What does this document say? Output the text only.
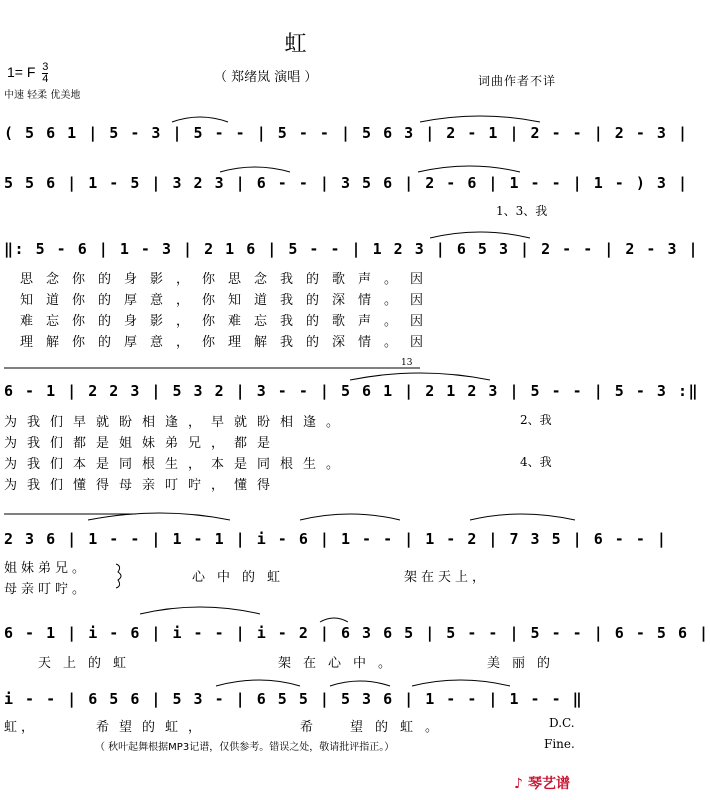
虹
1= F $\frac{3}{4}$	（ 郑绪岚 演唱 ）
中速 轻柔 优美地
词曲作者不详
( 5 6 1 | 5 - 3 | 5 - - | 5 - - | 5 6 3 | 2 - 1 | 2 - - | 2 - 3 |
5 5 6 | 1 - 5 | 3 2 3 | 6 - - | 3 5 6 | 2 - 6 | 1 - - | 1 - ) 3 |
1、3、我
‖: 5 - 6 | 1 - 3 | 2 1 6 | 5 - - | 1 2 3 | 6 5 3 | 2 - - | 2 - 3 |
思念你的身影，你思念我的歌声。因
知道你的厚意，你知道我的深情。因
难忘你的身影，你难忘我的歌声。因
理解你的厚意，你理解我的深情。因
13
6 - 1 | 2 2 3 | 5 3 2 | 3 - - | 5 6 1 | 2 1 2 3 | 5 - - | 5 - 3 :‖
为我们早就盼相逢，早就盼相逢。	2、我
为我们都是姐妹弟兄，都是
为我们本是同根生，本是同根生。	4、我
为我们懂得母亲叮咛，懂得
2 3 6 | 1 - - | 1 - 1 | i - 6 | 1 - - | 1 - 2 | 7 3 5 | 6 - - |
姐妹弟兄。
母亲叮咛。
心中的虹	架在天上，
6 - 1 | i - 6 | i - - | i - 2 | 6 3 6 5 | 5 - - | 5 - - | 6 - 5 6 |
天上的虹	架在心中。	美丽的
i - - | 6 5 6 | 5 3 - | 6 5 5 | 5 3 6 | 1 - - | 1 - - ‖
虹，	希望的虹，	希 望的虹。	D.C.
Fine.
（ 秋叶起舞根据MP3记谱，仅供参考。错误之处，敬请批评指正。）
♪ 琴艺谱
